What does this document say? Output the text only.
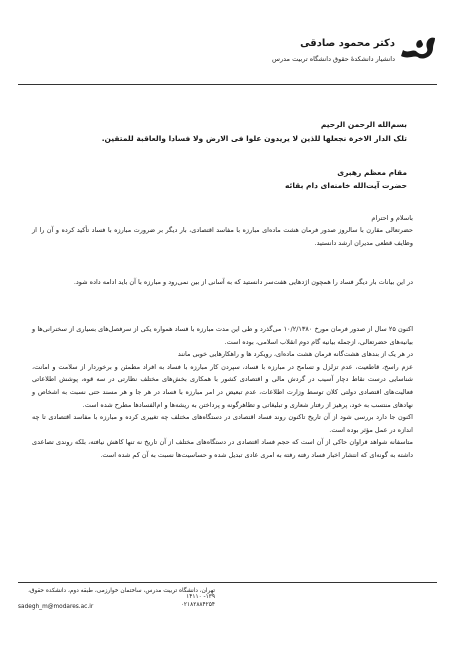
دکتر محمود صادقی
دانشیار دانشکدهٔ حقوق دانشگاه تربیت مدرس
بسم‌الله الرحمن الرحیم
تلک الدار الاخرة نجعلها للذین لا یریدون علوا فی الارض ولا فسادا والعاقبة للمتقین.
مقام معظم رهبری
حضرت آیت‌الله خامنه‌ای دام بقائه
باسلام و احترام
حضرتعالی مقارن با سالروز صدور فرمان هشت ماده‌ای مبارزه با مفاسد اقتصادی، بار دیگر بر ضرورت مبارزه با فساد تأکید کرده و آن را از وظایف قطعی مدیران ارشد دانستید.
در این بیانات بار دیگر فساد را همچون اژدهایی هفت‌سر دانستید که به آسانی از بین نمی‌رود و مبارزه با آن باید ادامه داده شود.
اکنون ۲۵ سال از صدور فرمان مورخ ۱۰/۲/۱۳۸۰ می‌گذرد و طی این مدت مبارزه با فساد همواره یکی از سرفصل‌های بسیاری از سخنرانی‌ها و بیانیه‌های حضرتعالی، ازجمله بیانیه گام دوم انقلاب اسلامی، بوده است.
در هر یک از بندهای هشت‌گانه فرمان هشت ماده‌ای، رویکرد ها و راهکارهایی خوبی مانند
عزم راسخ، قاطعیت، عدم تزلزل و تسامح در مبارزه با فساد، سپردن کار مبارزه با فساد به افراد مطمئن و برخوردار از سلامت و امانت، شناسایی درست نقاط دچار آسیب در گردش مالی و اقتصادی کشور با همکاری بخش‌های مختلف نظارتی در سه قوه، پوشش اطلاعاتی فعالیت‌های اقتصادی دولتی کلان توسط وزارت اطلاعات، عدم تبعیض در امر مبارزه با فساد در هر جا و هر مسند حتی نسبت به اشخاص و نهادهای منتسب به خود، پرهیز از رفتار شعاری و تبلیغاتی و تظاهرگونه و پرداختن به ریشه‌ها و ام‌الفسادها مطرح شده است.
اکنون جا دارد بررسی شود از آن تاریخ تاکنون روند فساد اقتصادی در دستگاه‌های مختلف چه تغییری کرده و مبارزه با مفاسد اقتصادی تا چه اندازه در عمل مؤثر بوده است.
متاسفانه شواهد فراوان حاکی از آن است که حجم فساد اقتصادی در دستگاه‌های مختلف از آن تاریخ نه تنها کاهش نیافته، بلکه روندی تصاعدی داشته به گونه‌ای که انتشار اخبار فساد رفته رفته به امری عادی تبدیل شده و حساسیت‌ها نسبت به آن کم شده است.
تهران، دانشگاه تربیت مدرس، ساختمان خوارزمی، طبقه دوم، دانشکده حقوق، ۱۳۹- ۱۴۱۱۰
۰۲۱۸۲۸۸۴۲۵۴
sadegh_m@modares.ac.ir
